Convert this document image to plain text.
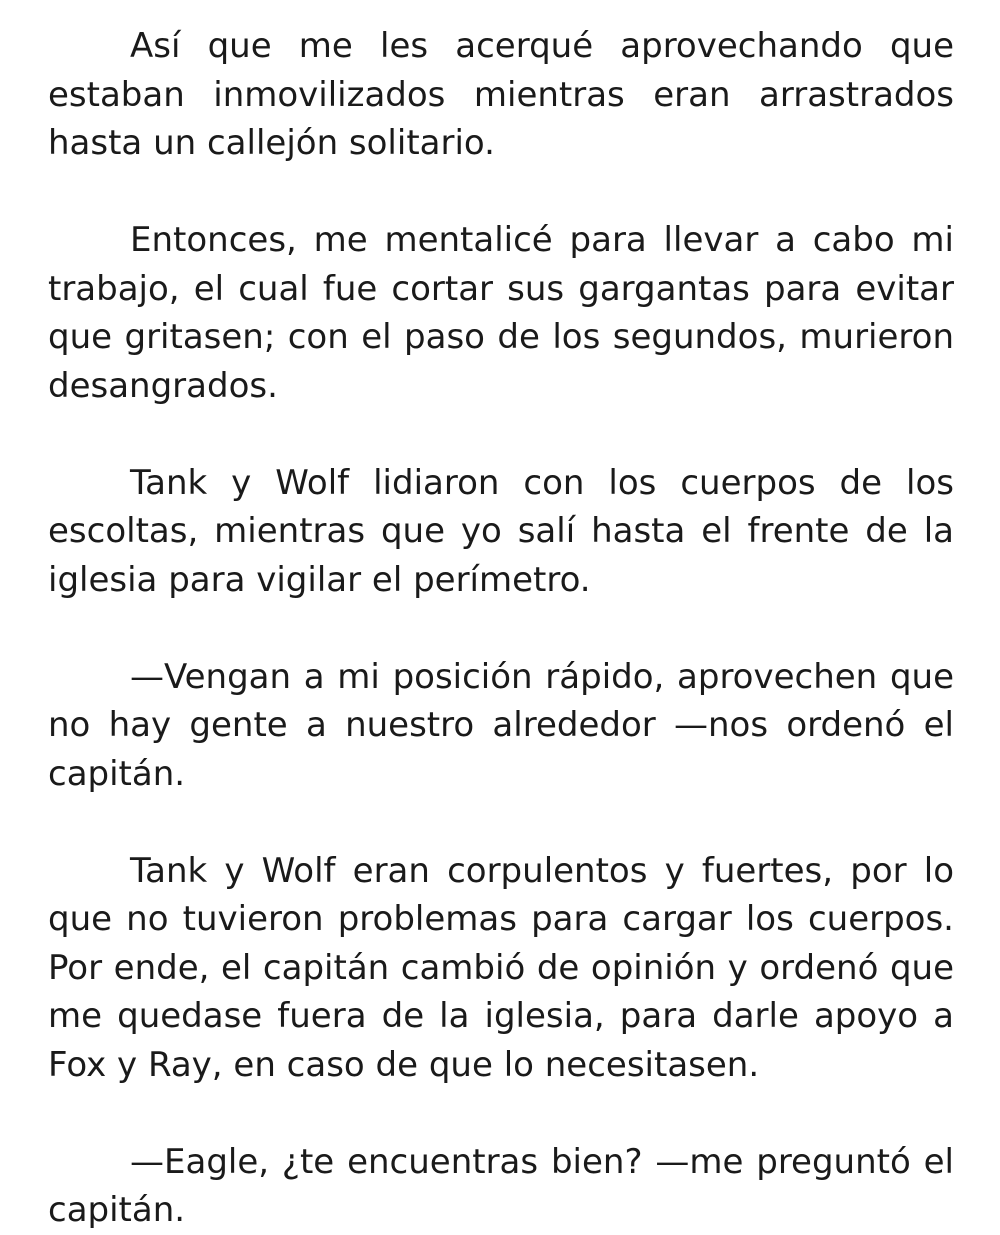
Así que me les acerqué aprovechando que estaban inmovilizados mientras eran arrastrados hasta un callejón solitario.

Entonces, me mentalicé para llevar a cabo mi trabajo, el cual fue cortar sus gargantas para evitar que gritasen; con el paso de los segundos, murieron desangrados.

Tank y Wolf lidiaron con los cuerpos de los escoltas, mientras que yo salí hasta el frente de la iglesia para vigilar el perímetro.

—Vengan a mi posición rápido, aprovechen que no hay gente a nuestro alrededor —nos ordenó el capitán.

Tank y Wolf eran corpulentos y fuertes, por lo que no tuvieron problemas para cargar los cuerpos. Por ende, el capitán cambió de opinión y ordenó que me quedase fuera de la iglesia, para darle apoyo a Fox y Ray, en caso de que lo necesitasen.

—Eagle, ¿te encuentras bien? —me preguntó el capitán.
